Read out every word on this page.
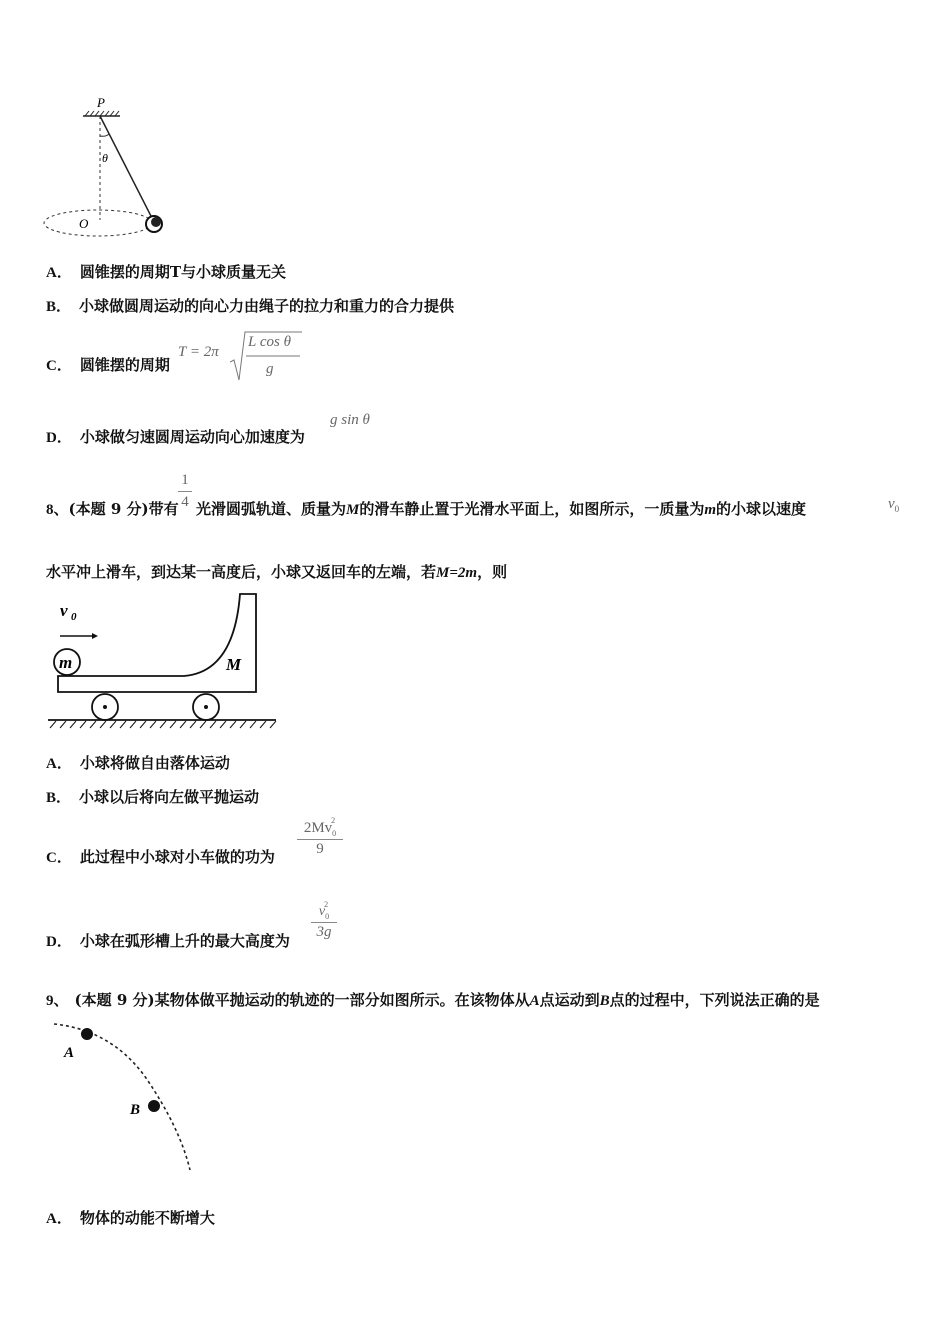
P
θ
O
A． 圆锥摆的周期T与小球质量无关
B． 小球做圆周运动的向心力由绳子的拉力和重力的合力提供
C． 圆锥摆的周期
T = 2π
L cos θ
g
D． 小球做匀速圆周运动向心加速度为
g sin θ
8、(本题 9 分)带有
1
4 光滑圆弧轨道、质量为M的滑车静止置于光滑水平面上，如图所示，一质量为m的小球以速度	$v_0$
水平冲上滑车，到达某一高度后，小球又返回车的左端，若M=2m，则
v 0
m	M
A． 小球将做自由落体运动
B． 小球以后将向左做平抛运动
C． 此过程中小球对小车做的功为
2Mv 2
$_0$
9
D． 小球在弧形槽上升的最大高度为
v 2
$_0$
3g
9、 (本题 9 分)某物体做平抛运动的轨迹的一部分如图所示。在该物体从A点运动到B点的过程中，下列说法正确的是
A
B
A． 物体的动能不断增大
